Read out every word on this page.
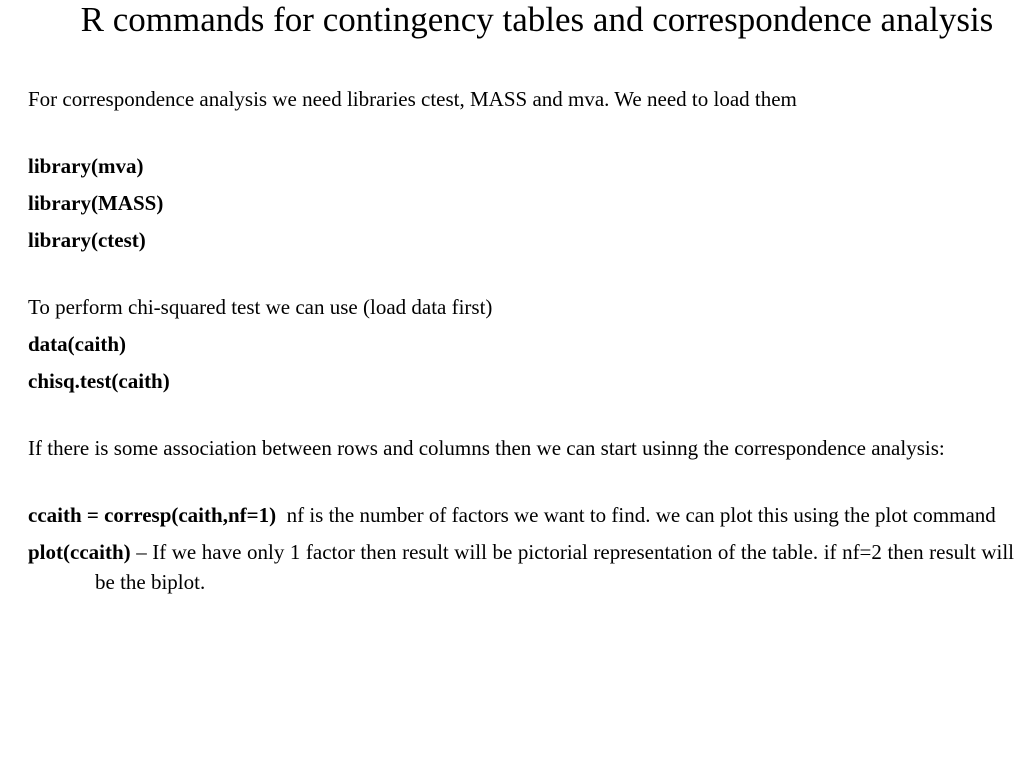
R commands for contingency tables and correspondence analysis

For correspondence analysis we need libraries ctest, MASS and mva. We need to load them

library(mva)

library(MASS)

library(ctest)

To perform chi-squared test we can use (load data first)

data(caith)

chisq.test(caith)

If there is some association between rows and columns then we can start usinng the correspondence analysis:

ccaith = corresp(caith,nf=1) nf is the number of factors we want to find. we can plot this using the plot command

plot(ccaith) – If we have only 1 factor then result will be pictorial representation of the table. if nf=2 then result will be the biplot.
